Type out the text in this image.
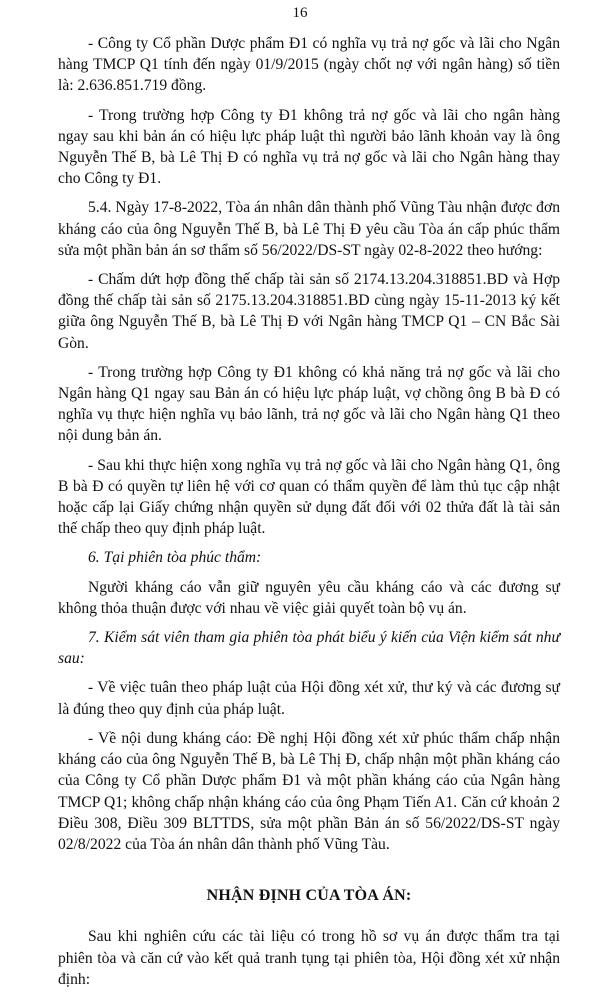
16

- Công ty Cổ phần Dược phẩm Đ1 có nghĩa vụ trả nợ gốc và lãi cho Ngân hàng TMCP Q1 tính đến ngày 01/9/2015 (ngày chốt nợ với ngân hàng) số tiền là: 2.636.851.719 đồng.

- Trong trường hợp Công ty Đ1 không trả nợ gốc và lãi cho ngân hàng ngay sau khi bản án có hiệu lực pháp luật thì người bảo lãnh khoản vay là ông Nguyễn Thế B, bà Lê Thị Đ có nghĩa vụ trả nợ gốc và lãi cho Ngân hàng thay cho Công ty Đ1.

5.4. Ngày 17-8-2022, Tòa án nhân dân thành phố Vũng Tàu nhận được đơn kháng cáo của ông Nguyễn Thế B, bà Lê Thị Đ yêu cầu Tòa án cấp phúc thẩm sửa một phần bản án sơ thẩm số 56/2022/DS-ST ngày 02-8-2022 theo hướng:

- Chấm dứt hợp đồng thế chấp tài sản số 2174.13.204.318851.BD và Hợp đồng thế chấp tài sản số 2175.13.204.318851.BD cùng ngày 15-11-2013 ký kết giữa ông Nguyễn Thế B, bà Lê Thị Đ với Ngân hàng TMCP Q1 – CN Bắc Sài Gòn.

- Trong trường hợp Công ty Đ1 không có khả năng trả nợ gốc và lãi cho Ngân hàng Q1 ngay sau Bản án có hiệu lực pháp luật, vợ chồng ông B bà Đ có nghĩa vụ thực hiện nghĩa vụ bảo lãnh, trả nợ gốc và lãi cho Ngân hàng Q1 theo nội dung bản án.

- Sau khi thực hiện xong nghĩa vụ trả nợ gốc và lãi cho Ngân hàng Q1, ông B bà Đ có quyền tự liên hệ với cơ quan có thẩm quyền để làm thủ tục cập nhật hoặc cấp lại Giấy chứng nhận quyền sử dụng đất đối với 02 thửa đất là tài sản thế chấp theo quy định pháp luật.

6. Tại phiên tòa phúc thẩm:

Người kháng cáo vẫn giữ nguyên yêu cầu kháng cáo và các đương sự không thỏa thuận được với nhau về việc giải quyết toàn bộ vụ án.

7. Kiểm sát viên tham gia phiên tòa phát biểu ý kiến của Viện kiểm sát như sau:

- Về việc tuân theo pháp luật của Hội đồng xét xử, thư ký và các đương sự là đúng theo quy định của pháp luật.

- Về nội dung kháng cáo: Đề nghị Hội đồng xét xử phúc thẩm chấp nhận kháng cáo của ông Nguyễn Thế B, bà Lê Thị Đ, chấp nhận một phần kháng cáo của Công ty Cổ phần Dược phẩm Đ1 và một phần kháng cáo của Ngân hàng TMCP Q1; không chấp nhận kháng cáo của ông Phạm Tiến A1. Căn cứ khoản 2 Điều 308, Điều 309 BLTTDS, sửa một phần Bản án số 56/2022/DS-ST ngày 02/8/2022 của Tòa án nhân dân thành phố Vũng Tàu.

NHẬN ĐỊNH CỦA TÒA ÁN:

Sau khi nghiên cứu các tài liệu có trong hồ sơ vụ án được thẩm tra tại phiên tòa và căn cứ vào kết quả tranh tụng tại phiên tòa, Hội đồng xét xử nhận định:
